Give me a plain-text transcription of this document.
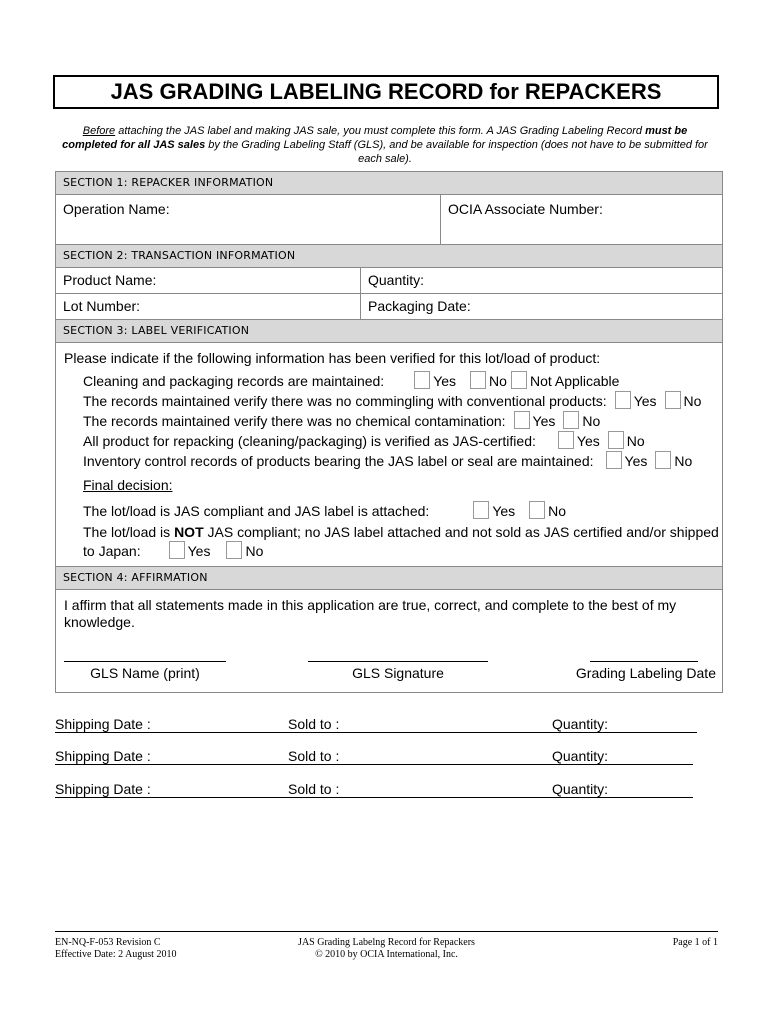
JAS GRADING LABELING RECORD for REPACKERS
Before attaching the JAS label and making JAS sale, you must complete this form. A JAS Grading Labeling Record must be completed for all JAS sales by the Grading Labeling Staff (GLS), and be available for inspection (does not have to be submitted for each sale).
SECTION 1: REPACKER INFORMATION
Operation Name:	OCIA Associate Number:
SECTION 2: TRANSACTION INFORMATION
Product Name:	Quantity:
Lot Number:	Packaging Date:
SECTION 3: LABEL VERIFICATION
Please indicate if the following information has been verified for this lot/load of product:
Cleaning and packaging records are maintained:	Yes No Not Applicable
The records maintained verify there was no commingling with conventional products: Yes No
The records maintained verify there was no chemical contamination: Yes No
All product for repacking (cleaning/packaging) is verified as JAS-certified:	Yes No
Inventory control records of products bearing the JAS label or seal are maintained: Yes No
Final decision:
The lot/load is JAS compliant and JAS label is attached:	Yes No
The lot/load is NOT JAS compliant; no JAS label attached and not sold as JAS certified and/or shipped
to Japan:	Yes	No
SECTION 4: AFFIRMATION
I affirm that all statements made in this application are true, correct, and complete to the best of my knowledge.
GLS Name (print)	GLS Signature	Grading Labeling Date
Shipping Date :	Sold to :	Quantity:
Shipping Date :	Sold to :	Quantity:
Shipping Date :	Sold to :	Quantity:
EN-NQ-F-053 Revision C
Effective Date: 2 August 2010
JAS Grading Labelng Record for Repackers
© 2010 by OCIA International, Inc.
Page 1 of 1
